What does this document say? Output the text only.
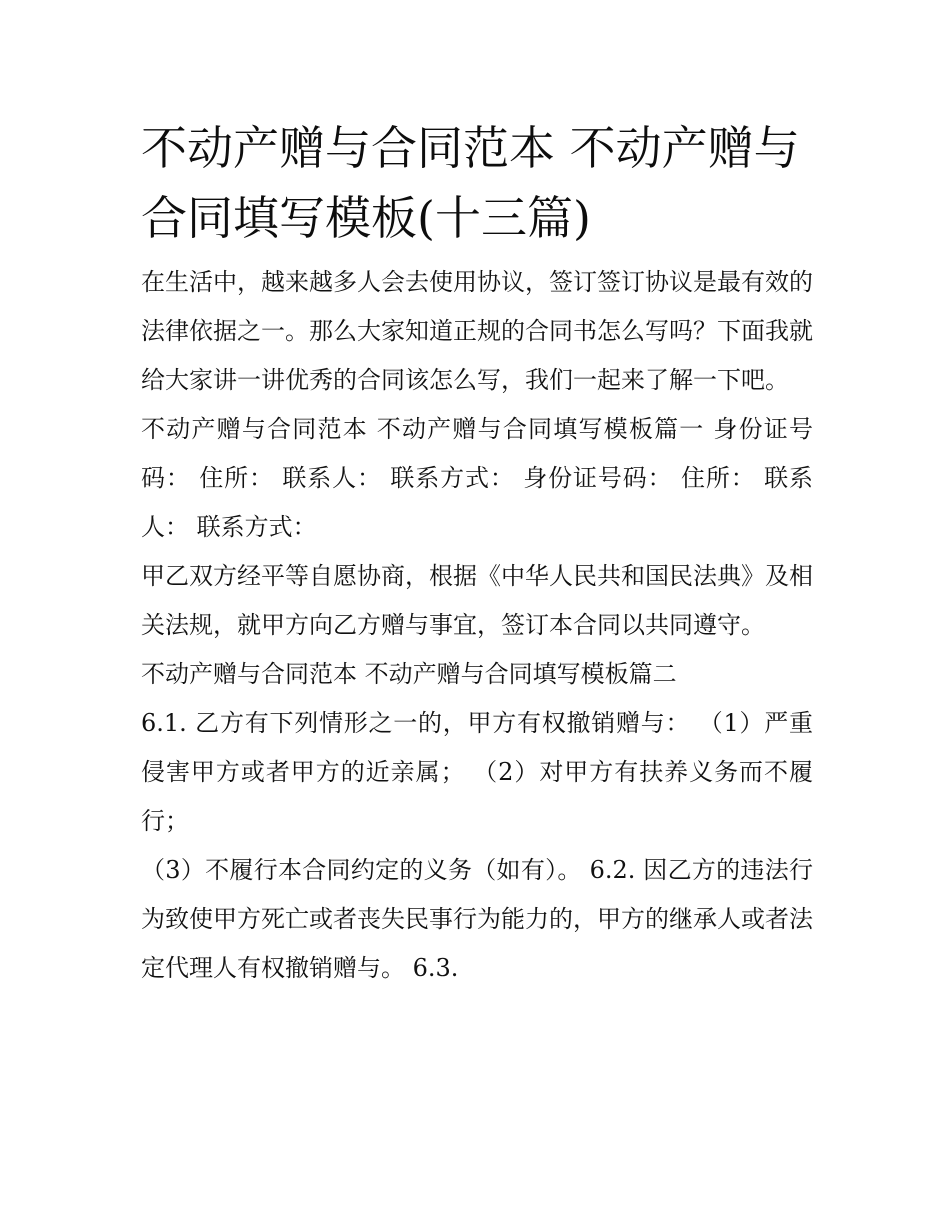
不动产赠与合同范本 不动产赠与合同填写模板(十三篇)

在生活中，越来越多人会去使用协议，签订签订协议是最有效的法律依据之一。那么大家知道正规的合同书怎么写吗？下面我就给大家讲一讲优秀的合同该怎么写，我们一起来了解一下吧。

不动产赠与合同范本 不动产赠与合同填写模板篇一 身份证号码： 住所： 联系人： 联系方式： 身份证号码： 住所： 联系人： 联系方式：

甲乙双方经平等自愿协商，根据《中华人民共和国民法典》及相关法规，就甲方向乙方赠与事宜，签订本合同以共同遵守。

不动产赠与合同范本 不动产赠与合同填写模板篇二

6.1. 乙方有下列情形之一的，甲方有权撤销赠与： （1）严重侵害甲方或者甲方的近亲属； （2）对甲方有扶养义务而不履行；

（3）不履行本合同约定的义务（如有）。 6.2. 因乙方的违法行为致使甲方死亡或者丧失民事行为能力的，甲方的继承人或者法定代理人有权撤销赠与。 6.3.
